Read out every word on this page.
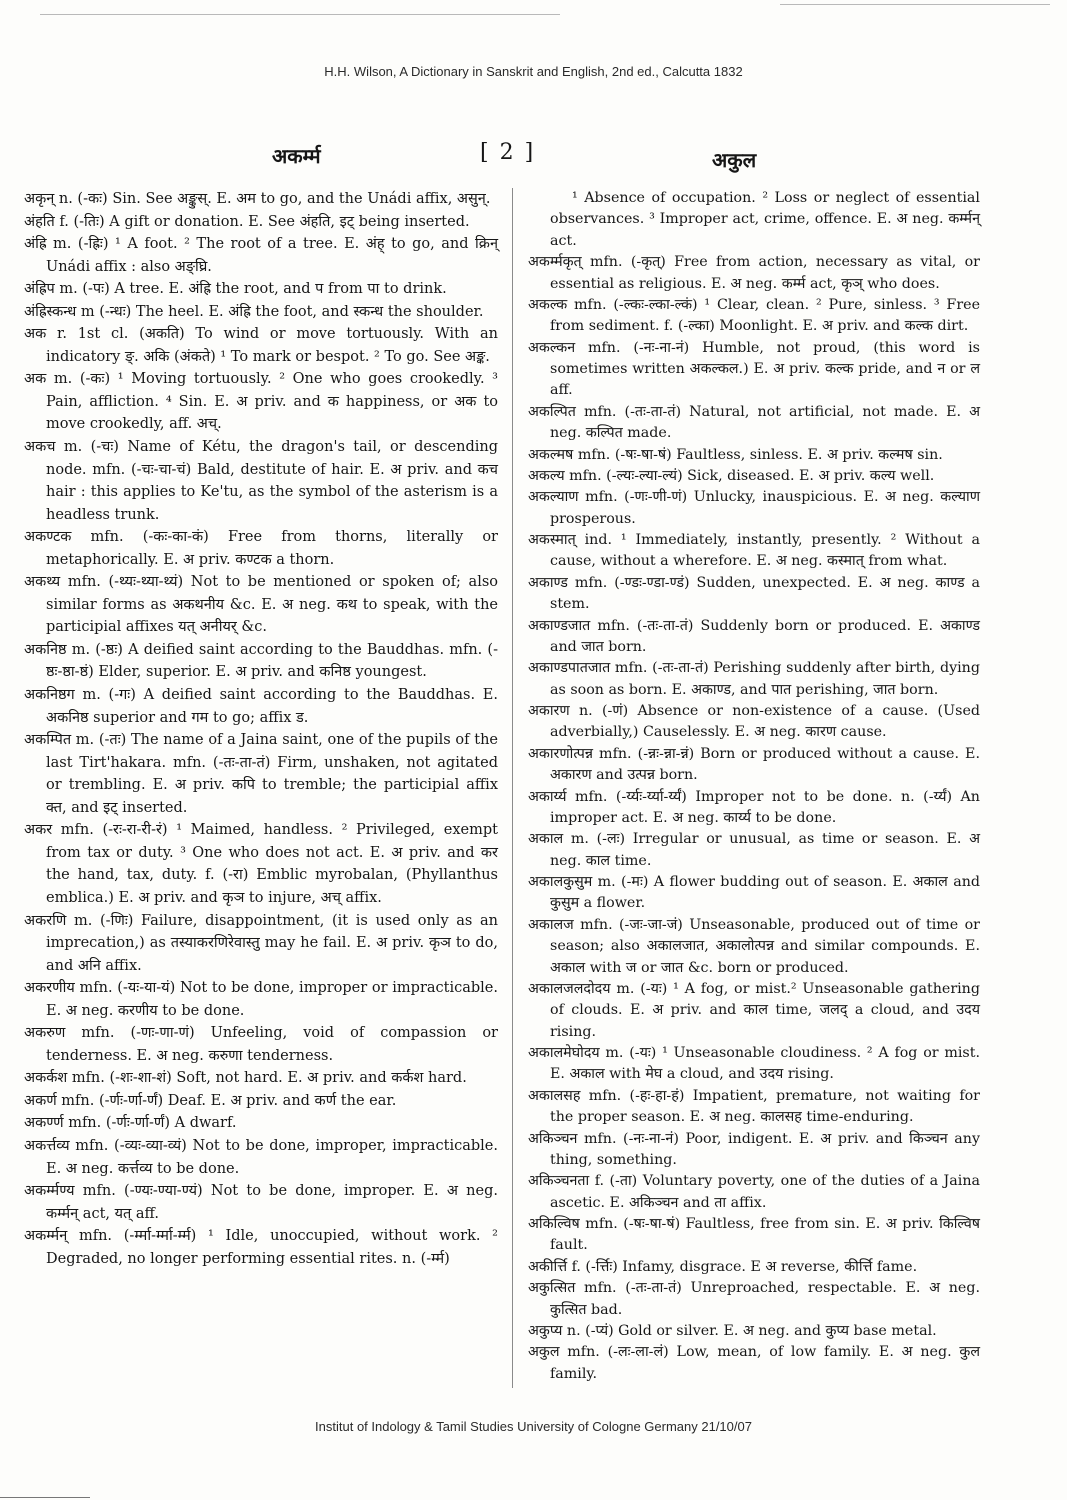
H.H. Wilson, A Dictionary in Sanskrit and English, 2nd ed., Calcutta 1832
अकर्म्म	[ 2 ]	अकुल

अकृन् n. (-कः) Sin. See अङ्कुस्. E. अम to go, and the Unádi affix, असुन्.

अंहति f. (-तिः) A gift or donation. E. See अंहति, इट् being inserted.

अंह्रि m. (-ह्रिः) ¹ A foot. ² The root of a tree. E. अंह् to go, and क्रिन् Unádi affix : also अङ्घ्रि.

अंह्रिप m. (-पः) A tree. E. अंह्रि the root, and प from पा to drink.

अंह्रिस्कन्ध m (-न्धः) The heel. E. अंह्रि the foot, and स्कन्ध the shoulder.

अक r. 1st cl. (अकति) To wind or move tortuously. With an indicatory ङ्. अकि (अंकते) ¹ To mark or bespot. ² To go. See अङ्क.

अक m. (-कः) ¹ Moving tortuously. ² One who goes crookedly. ³ Pain, affliction. ⁴ Sin. E. अ priv. and क happiness, or अक to move crookedly, aff. अच्.

अकच m. (-चः) Name of Kétu, the dragon's tail, or descending node. mfn. (-चः-चा-चं) Bald, destitute of hair. E. अ priv. and कच hair : this applies to Ke'tu, as the symbol of the asterism is a headless trunk.

अकण्टक mfn. (-कः-का-कं) Free from thorns, literally or metaphorically. E. अ priv. कण्टक a thorn.

अकथ्य mfn. (-थ्यः-थ्या-थ्यं) Not to be mentioned or spoken of; also similar forms as अकथनीय &c. E. अ neg. कथ to speak, with the participial affixes यत् अनीयर् &c.

अकनिष्ठ m. (-ष्ठः) A deified saint according to the Bauddhas. mfn. (-ष्ठः-ष्ठा-ष्ठं) Elder, superior. E. अ priv. and कनिष्ठ youngest.

अकनिष्ठग m. (-गः) A deified saint according to the Bauddhas. E. अकनिष्ठ superior and गम to go; affix ड.

अकम्पित m. (-तः) The name of a Jaina saint, one of the pupils of the last Tirt'hakara. mfn. (-तः-ता-तं) Firm, unshaken, not agitated or trembling. E. अ priv. कपि to tremble; the participial affix क्त, and इट् inserted.

अकर mfn. (-रः-रा-री-रं) ¹ Maimed, handless. ² Privileged, exempt from tax or duty. ³ One who does not act. E. अ priv. and कर the hand, tax, duty. f. (-रा) Emblic myrobalan, (Phyllanthus emblica.) E. अ priv. and कृञ to injure, अच् affix.

अकरणि m. (-णिः) Failure, disappointment, (it is used only as an imprecation,) as तस्याकरणिरेवास्तु may he fail. E. अ priv. कृञ to do, and अनि affix.

अकरणीय mfn. (-यः-या-यं) Not to be done, improper or impracticable. E. अ neg. करणीय to be done.

अकरुण mfn. (-णः-णा-णं) Unfeeling, void of compassion or tenderness. E. अ neg. करुणा tenderness.

अकर्कश mfn. (-शः-शा-शं) Soft, not hard. E. अ priv. and कर्कश hard.

अकर्ण mfn. (-र्णः-र्णा-र्णं) Deaf. E. अ priv. and कर्ण the ear.

अकर्ण्ण mfn. (-र्णः-र्णा-र्णं) A dwarf.

अकर्त्तव्य mfn. (-व्यः-व्या-व्यं) Not to be done, improper, impracticable. E. अ neg. कर्त्तव्य to be done.

अकर्म्मण्य mfn. (-ण्यः-ण्या-ण्यं) Not to be done, improper. E. अ neg. कर्म्मन् act, यत् aff.

अकर्म्मन् mfn. (-र्म्मा-र्म्मा-र्म्म) ¹ Idle, unoccupied, without work. ² Degraded, no longer performing essential rites. n. (-र्म्म)

¹ Absence of occupation. ² Loss or neglect of essential observances. ³ Improper act, crime, offence. E. अ neg. कर्म्मन् act.

अकर्म्मकृत् mfn. (-कृत्) Free from action, necessary as vital, or essential as religious. E. अ neg. कर्म्म act, कृञ् who does.

अकल्क mfn. (-ल्कः-ल्का-ल्कं) ¹ Clear, clean. ² Pure, sinless. ³ Free from sediment. f. (-ल्का) Moonlight. E. अ priv. and कल्क dirt.

अकल्कन mfn. (-नः-ना-नं) Humble, not proud, (this word is sometimes written अकल्कल.) E. अ priv. कल्क pride, and न or ल aff.

अकल्पित mfn. (-तः-ता-तं) Natural, not artificial, not made. E. अ neg. कल्पित made.

अकल्मष mfn. (-षः-षा-षं) Faultless, sinless. E. अ priv. कल्मष sin.

अकल्य mfn. (-ल्यः-ल्या-ल्यं) Sick, diseased. E. अ priv. कल्य well.

अकल्याण mfn. (-णः-णी-णं) Unlucky, inauspicious. E. अ neg. कल्याण prosperous.

अकस्मात् ind. ¹ Immediately, instantly, presently. ² Without a cause, without a wherefore. E. अ neg. कस्मात् from what.

अकाण्ड mfn. (-ण्डः-ण्डा-ण्डं) Sudden, unexpected. E. अ neg. काण्ड a stem.

अकाण्डजात mfn. (-तः-ता-तं) Suddenly born or produced. E. अकाण्ड and जात born.

अकाण्डपातजात mfn. (-तः-ता-तं) Perishing suddenly after birth, dying as soon as born. E. अकाण्ड, and पात perishing, जात born.

अकारण n. (-णं) Absence or non-existence of a cause. (Used adverbially,) Causelessly. E. अ neg. कारण cause.

अकारणोत्पन्न mfn. (-न्नः-न्ना-न्नं) Born or produced without a cause. E. अकारण and उत्पन्न born.

अकार्य्य mfn. (-र्य्यः-र्य्या-र्य्यं) Improper not to be done. n. (-र्य्यं) An improper act. E. अ neg. कार्य्य to be done.

अकाल m. (-लः) Irregular or unusual, as time or season. E. अ neg. काल time.

अकालकुसुम m. (-मः) A flower budding out of season. E. अकाल and कुसुम a flower.

अकालज mfn. (-जः-जा-जं) Unseasonable, produced out of time or season; also अकालजात, अकालोत्पन्न and similar compounds. E. अकाल with ज or जात &c. born or produced.

अकालजलदोदय m. (-यः) ¹ A fog, or mist.² Unseasonable gathering of clouds. E. अ priv. and काल time, जलद् a cloud, and उदय rising.

अकालमेघोदय m. (-यः) ¹ Unseasonable cloudiness. ² A fog or mist. E. अकाल with मेघ a cloud, and उदय rising.

अकालसह mfn. (-हः-हा-हं) Impatient, premature, not waiting for the proper season. E. अ neg. कालसह time-enduring.

अकिञ्चन mfn. (-नः-ना-नं) Poor, indigent. E. अ priv. and किञ्चन any thing, something.

अकिञ्चनता f. (-ता) Voluntary poverty, one of the duties of a Jaina ascetic. E. अकिञ्चन and ता affix.

अकिल्विष mfn. (-षः-षा-षं) Faultless, free from sin. E. अ priv. किल्विष fault.

अकीर्त्ति f. (-र्त्तिः) Infamy, disgrace. E अ reverse, कीर्त्ति fame.

अकुत्सित mfn. (-तः-ता-तं) Unreproached, respectable. E. अ neg. कुत्सित bad.

अकुप्य n. (-प्यं) Gold or silver. E. अ neg. and कुप्य base metal.

अकुल mfn. (-लः-ला-लं) Low, mean, of low family. E. अ neg. कुल family.

Institut of Indology & Tamil Studies University of Cologne Germany 21/10/07
